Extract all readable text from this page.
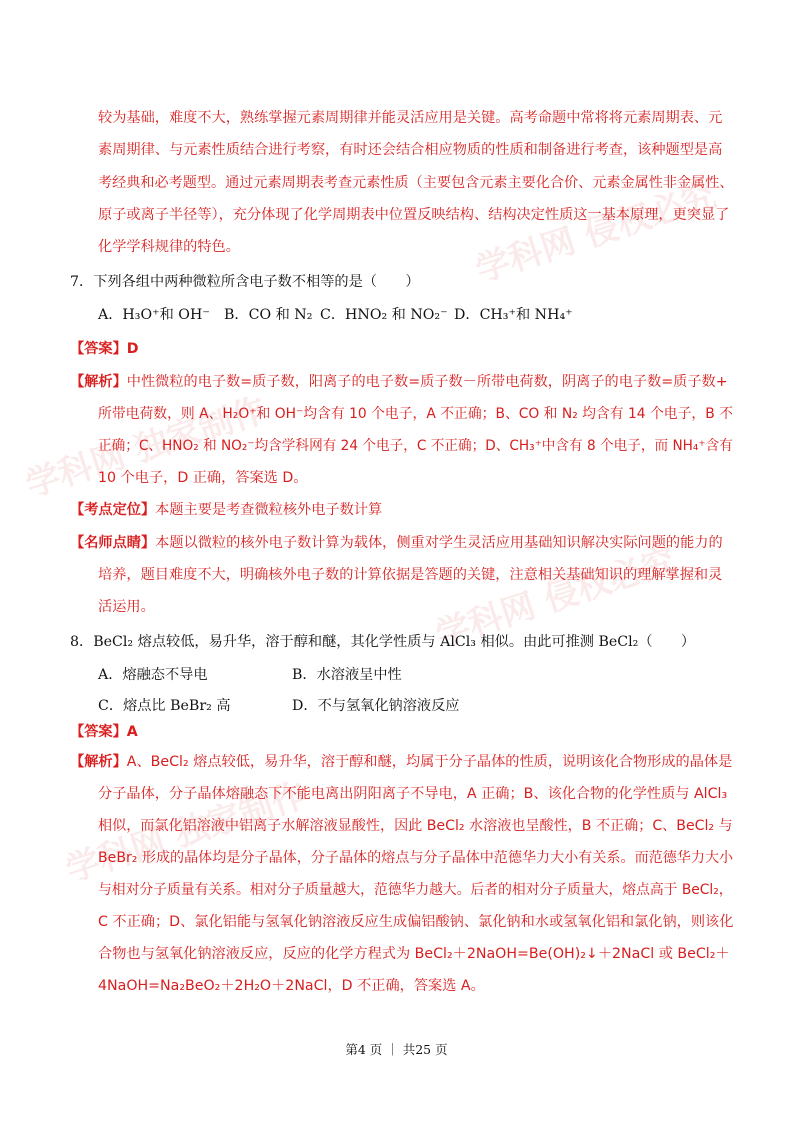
学科网 侵权必究
学科网 独家制作
学科网 侵权必究
学科网 独家制作
较为基础，难度不大，熟练掌握元素周期律并能灵活应用是关键。高考命题中常将将元素周期表、元
素周期律、与元素性质结合进行考察，有时还会结合相应物质的性质和制备进行考查，该种题型是高
考经典和必考题型。通过元素周期表考查元素性质（主要包含元素主要化合价、元素金属性非金属性、
原子或离子半径等），充分体现了化学周期表中位置反映结构、结构决定性质这一基本原理，更突显了
化学学科规律的特色。
7．下列各组中两种微粒所含电子数不相等的是（　　）
A．H₃O⁺和 OH⁻ B．CO 和 N₂ C．HNO₂ 和 NO₂⁻ D．CH₃⁺和 NH₄⁺
【答案】D
【解析】中性微粒的电子数=质子数，阳离子的电子数=质子数－所带电荷数，阴离子的电子数=质子数+
所带电荷数，则 A、H₂O⁺和 OH⁻均含有 10 个电子，A 不正确；B、CO 和 N₂ 均含有 14 个电子，B 不
正确；C、HNO₂ 和 NO₂⁻均含学科网有 24 个电子，C 不正确；D、CH₃⁺中含有 8 个电子，而 NH₄⁺含有
10 个电子，D 正确，答案选 D。
【考点定位】本题主要是考查微粒核外电子数计算
【名师点睛】本题以微粒的核外电子数计算为载体，侧重对学生灵活应用基础知识解决实际问题的能力的
培养，题目难度不大，明确核外电子数的计算依据是答题的关键，注意相关基础知识的理解掌握和灵
活运用。
8．BeCl₂ 熔点较低，易升华，溶于醇和醚，其化学性质与 AlCl₃ 相似。由此可推测 BeCl₂（　　）
A．熔融态不导电	B．水溶液呈中性
C．熔点比 BeBr₂ 高	D．不与氢氧化钠溶液反应
【答案】A
【解析】A、BeCl₂ 熔点较低，易升华，溶于醇和醚，均属于分子晶体的性质，说明该化合物形成的晶体是
分子晶体，分子晶体熔融态下不能电离出阴阳离子不导电，A 正确；B、该化合物的化学性质与 AlCl₃
相似，而氯化铝溶液中铝离子水解溶液显酸性，因此 BeCl₂ 水溶液也呈酸性，B 不正确；C、BeCl₂ 与
BeBr₂ 形成的晶体均是分子晶体，分子晶体的熔点与分子晶体中范德华力大小有关系。而范德华力大小
与相对分子质量有关系。相对分子质量越大，范德华力越大。后者的相对分子质量大，熔点高于 BeCl₂，
C 不正确；D、氯化铝能与氢氧化钠溶液反应生成偏铝酸钠、氯化钠和水或氢氧化铝和氯化钠，则该化
合物也与氢氧化钠溶液反应，反应的化学方程式为 BeCl₂＋2NaOH=Be(OH)₂↓＋2NaCl 或 BeCl₂＋
4NaOH=Na₂BeO₂＋2H₂O＋2NaCl，D 不正确，答案选 A。
第4 页 ｜ 共25 页
